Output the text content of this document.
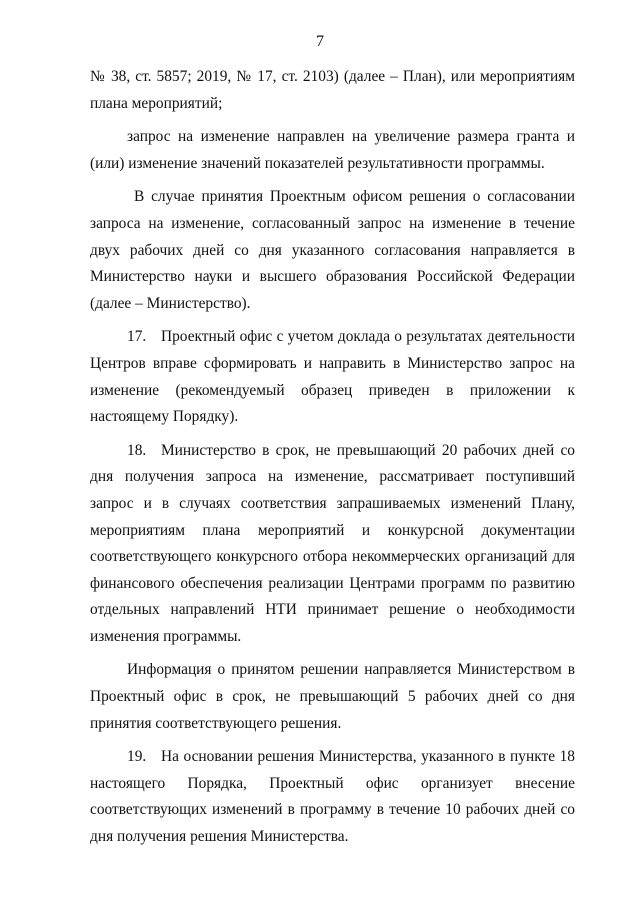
7

№ 38, ст. 5857; 2019, № 17, ст. 2103) (далее – План), или мероприятиям плана мероприятий;

запрос на изменение направлен на увеличение размера гранта и (или) изменение значений показателей результативности программы.

В случае принятия Проектным офисом решения о согласовании запроса на изменение, согласованный запрос на изменение в течение двух рабочих дней со дня указанного согласования направляется в Министерство науки и высшего образования Российской Федерации (далее – Министерство).

17. Проектный офис с учетом доклада о результатах деятельности Центров вправе сформировать и направить в Министерство запрос на изменение (рекомендуемый образец приведен в приложении к настоящему Порядку).

18. Министерство в срок, не превышающий 20 рабочих дней со дня получения запроса на изменение, рассматривает поступивший запрос и в случаях соответствия запрашиваемых изменений Плану, мероприятиям плана мероприятий и конкурсной документации соответствующего конкурсного отбора некоммерческих организаций для финансового обеспечения реализации Центрами программ по развитию отдельных направлений НТИ принимает решение о необходимости изменения программы.

Информация о принятом решении направляется Министерством в Проектный офис в срок, не превышающий 5 рабочих дней со дня принятия соответствующего решения.

19. На основании решения Министерства, указанного в пункте 18 настоящего Порядка, Проектный офис организует внесение соответствующих изменений в программу в течение 10 рабочих дней со дня получения решения Министерства.
